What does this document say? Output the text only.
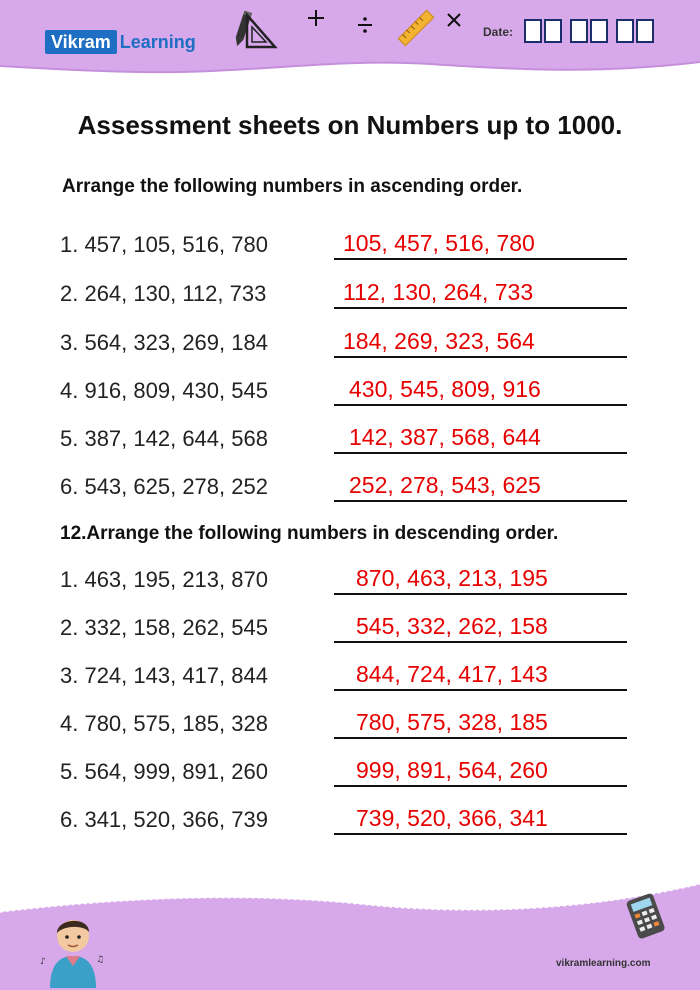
Vikram Learning	Date:
Assessment sheets on Numbers up to 1000.
Arrange the following numbers in ascending order.
1. 457, 105, 516, 780	105, 457, 516, 780
2. 264, 130, 112, 733	112, 130, 264, 733
3. 564, 323, 269, 184	184, 269, 323, 564
4. 916, 809, 430, 545	430, 545, 809, 916
5. 387, 142, 644, 568	142, 387, 568, 644
6. 543, 625, 278, 252	252, 278, 543, 625
12.Arrange the following numbers in descending order.
1. 463, 195, 213, 870	870, 463, 213, 195
2. 332, 158, 262, 545	545, 332, 262, 158
3. 724, 143, 417, 844	844, 724, 417, 143
4. 780, 575, 185, 328	780, 575, 328, 185
5. 564, 999, 891, 260	999, 891, 564, 260
6. 341, 520, 366, 739	739, 520, 366, 341
♪	♫	vikramlearning.com
